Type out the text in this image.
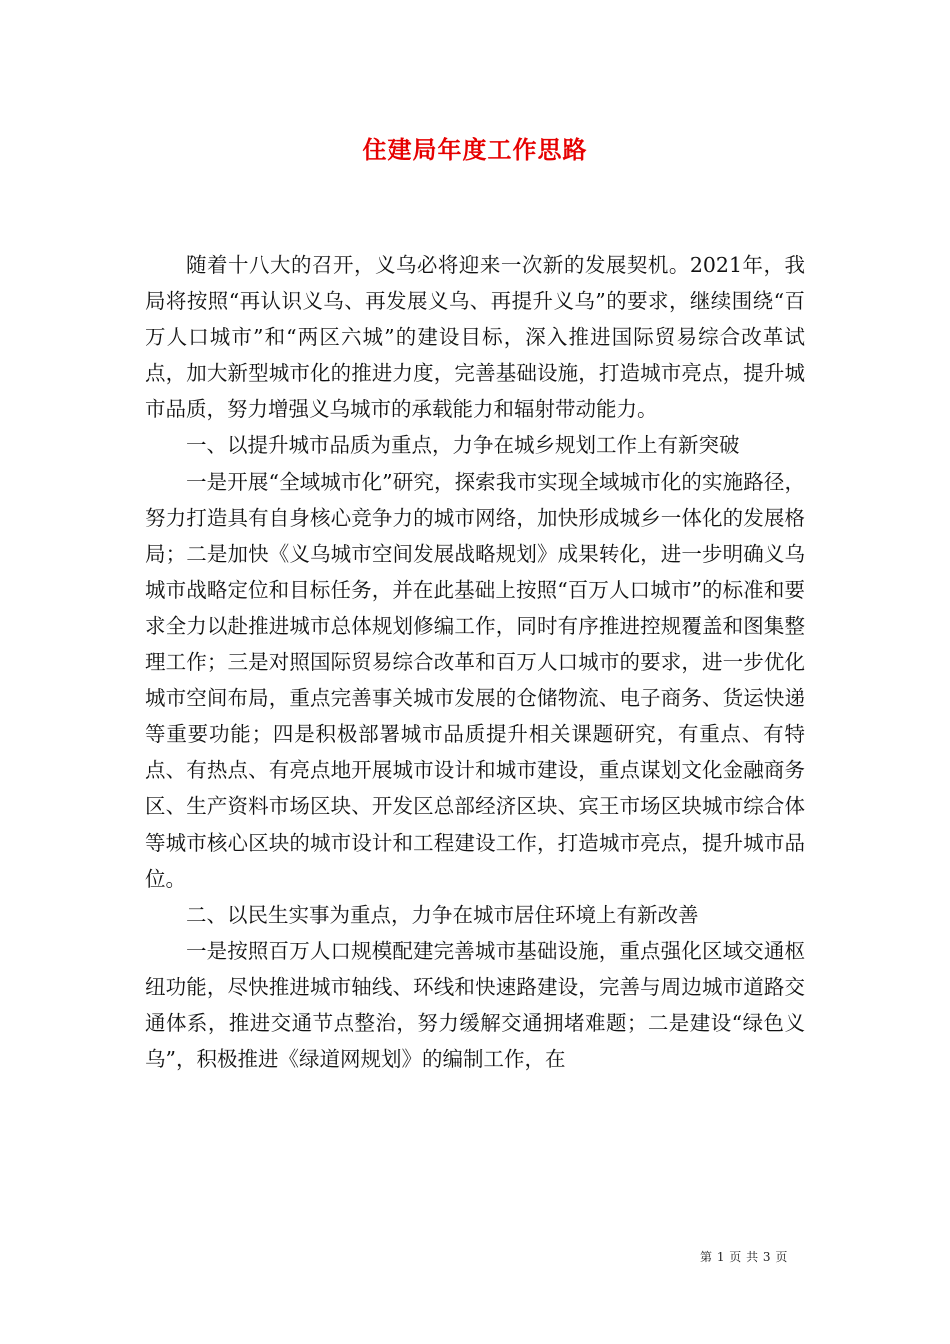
住建局年度工作思路

随着十八大的召开，义乌必将迎来一次新的发展契机。2021年，我局将按照“再认识义乌、再发展义乌、再提升义乌”的要求，继续围绕“百万人口城市”和“两区六城”的建设目标，深入推进国际贸易综合改革试点，加大新型城市化的推进力度，完善基础设施，打造城市亮点，提升城市品质，努力增强义乌城市的承载能力和辐射带动能力。

一、以提升城市品质为重点，力争在城乡规划工作上有新突破

一是开展“全域城市化”研究，探索我市实现全域城市化的实施路径，努力打造具有自身核心竞争力的城市网络，加快形成城乡一体化的发展格局；二是加快《义乌城市空间发展战略规划》成果转化，进一步明确义乌城市战略定位和目标任务，并在此基础上按照“百万人口城市”的标准和要求全力以赴推进城市总体规划修编工作，同时有序推进控规覆盖和图集整理工作；三是对照国际贸易综合改革和百万人口城市的要求，进一步优化城市空间布局，重点完善事关城市发展的仓储物流、电子商务、货运快递等重要功能；四是积极部署城市品质提升相关课题研究，有重点、有特点、有热点、有亮点地开展城市设计和城市建设，重点谋划文化金融商务区、生产资料市场区块、开发区总部经济区块、宾王市场区块城市综合体等城市核心区块的城市设计和工程建设工作，打造城市亮点，提升城市品位。

二、以民生实事为重点，力争在城市居住环境上有新改善

一是按照百万人口规模配建完善城市基础设施，重点强化区域交通枢纽功能，尽快推进城市轴线、环线和快速路建设，完善与周边城市道路交通体系，推进交通节点整治，努力缓解交通拥堵难题；二是建设“绿色义乌”，积极推进《绿道网规划》的编制工作，在

第 1 页 共 3 页
